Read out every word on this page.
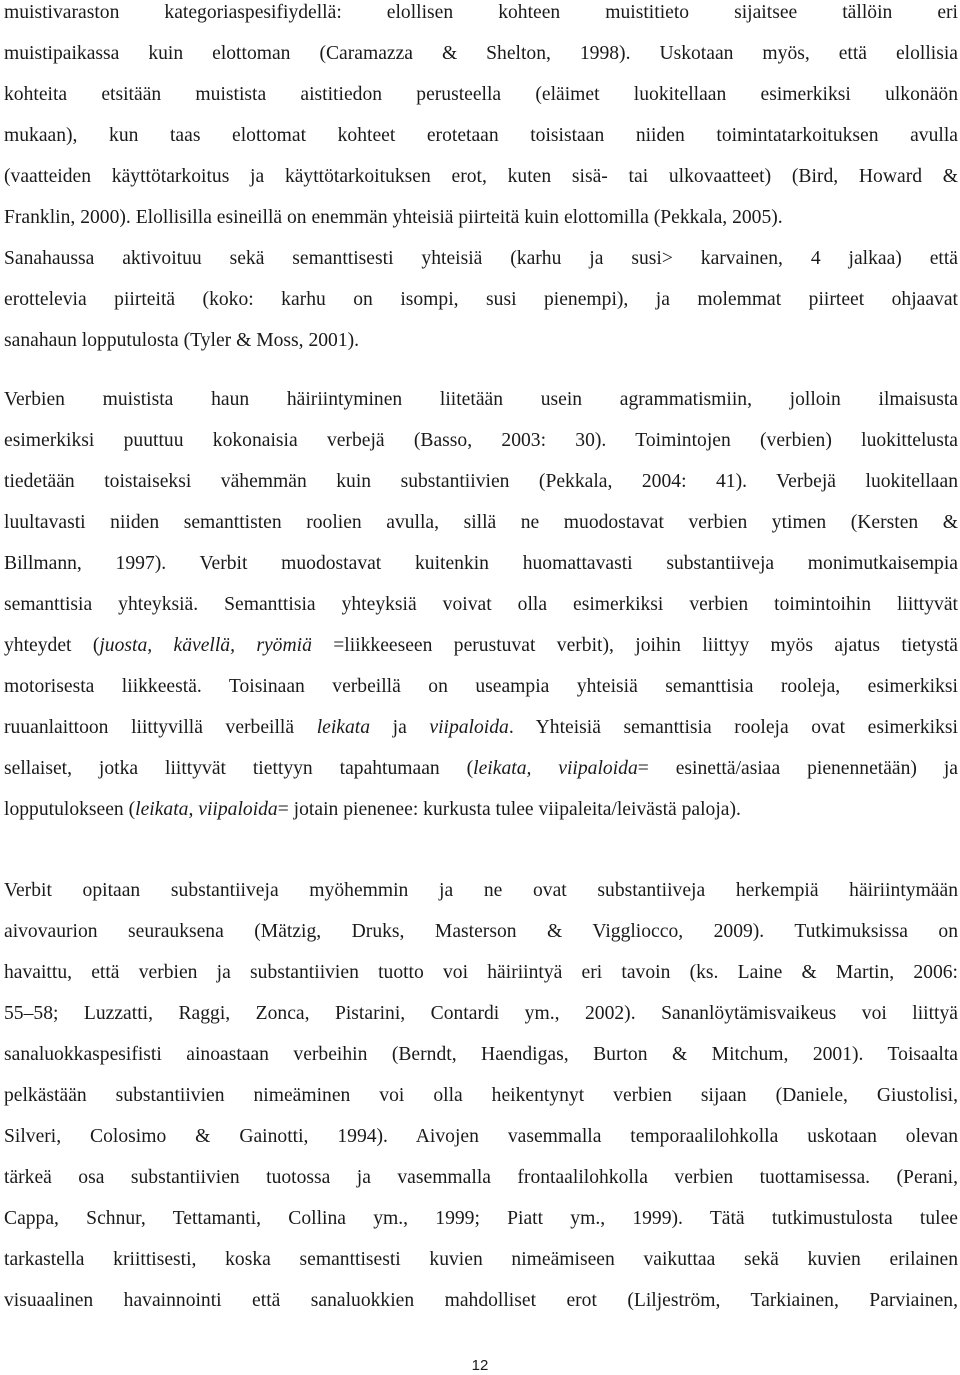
muistivaraston kategoriaspesifiydellä: elollisen kohteen muistitieto sijaitsee tällöin eri
muistipaikassa kuin elottoman (Caramazza & Shelton, 1998). Uskotaan myös, että elollisia
kohteita etsitään muistista aistitiedon perusteella (eläimet luokitellaan esimerkiksi ulkonäön
mukaan), kun taas elottomat kohteet erotetaan toisistaan niiden toimintatarkoituksen avulla
(vaatteiden käyttötarkoitus ja käyttötarkoituksen erot, kuten sisä- tai ulkovaatteet) (Bird, Howard &
Franklin, 2000). Elollisilla esineillä on enemmän yhteisiä piirteitä kuin elottomilla (Pekkala, 2005).
Sanahaussa aktivoituu sekä semanttisesti yhteisiä (karhu ja susi> karvainen, 4 jalkaa) että
erottelevia piirteitä (koko: karhu on isompi, susi pienempi), ja molemmat piirteet ohjaavat
sanahaun lopputulosta (Tyler & Moss, 2001).
Verbien muistista haun häiriintyminen liitetään usein agrammatismiin, jolloin ilmaisusta
esimerkiksi puuttuu kokonaisia verbejä (Basso, 2003: 30). Toimintojen (verbien) luokittelusta
tiedetään toistaiseksi vähemmän kuin substantiivien (Pekkala, 2004: 41). Verbejä luokitellaan
luultavasti niiden semanttisten roolien avulla, sillä ne muodostavat verbien ytimen (Kersten &
Billmann, 1997). Verbit muodostavat kuitenkin huomattavasti substantiiveja monimutkaisempia
semanttisia yhteyksiä. Semanttisia yhteyksiä voivat olla esimerkiksi verbien toimintoihin liittyvät
yhteydet (juosta, kävellä, ryömiä =liikkeeseen perustuvat verbit), joihin liittyy myös ajatus tietystä
motorisesta liikkeestä. Toisinaan verbeillä on useampia yhteisiä semanttisia rooleja, esimerkiksi
ruuanlaittoon liittyvillä verbeillä leikata ja viipaloida. Yhteisiä semanttisia rooleja ovat esimerkiksi
sellaiset, jotka liittyvät tiettyyn tapahtumaan (leikata, viipaloida= esinettä/asiaa pienennetään) ja
lopputulokseen (leikata, viipaloida= jotain pienenee: kurkusta tulee viipaleita/leivästä paloja).
Verbit opitaan substantiiveja myöhemmin ja ne ovat substantiiveja herkempiä häiriintymään
aivovaurion seurauksena (Mätzig, Druks, Masterson & Viggliocco, 2009). Tutkimuksissa on
havaittu, että verbien ja substantiivien tuotto voi häiriintyä eri tavoin (ks. Laine & Martin, 2006:
55–58; Luzzatti, Raggi, Zonca, Pistarini, Contardi ym., 2002). Sananlöytämisvaikeus voi liittyä
sanaluokkaspesifisti ainoastaan verbeihin (Berndt, Haendigas, Burton & Mitchum, 2001). Toisaalta
pelkästään substantiivien nimeäminen voi olla heikentynyt verbien sijaan (Daniele, Giustolisi,
Silveri, Colosimo & Gainotti, 1994). Aivojen vasemmalla temporaalilohkolla uskotaan olevan
tärkeä osa substantiivien tuotossa ja vasemmalla frontaalilohkolla verbien tuottamisessa. (Perani,
Cappa, Schnur, Tettamanti, Collina ym., 1999; Piatt ym., 1999). Tätä tutkimustulosta tulee
tarkastella kriittisesti, koska semanttisesti kuvien nimeämiseen vaikuttaa sekä kuvien erilainen
visuaalinen havainnointi että sanaluokkien mahdolliset erot (Liljeström, Tarkiainen, Parviainen,
12
